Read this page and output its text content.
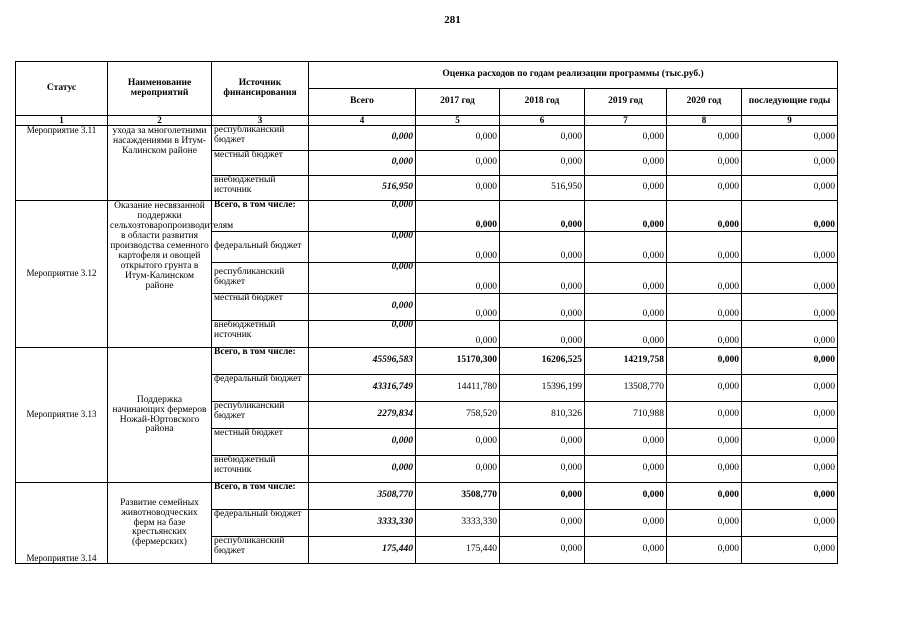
281
Статус	Наименование мероприятий	Источник финансирования	Оценка расходов по годам реализации программы (тыс.руб.)					
			Всего	2017 год	2018 год	2019 год	2020 год	последующие годы
1	2	3	4	5	6	7	8	9
Мероприятие 3.11	ухода за многолетними насаждениями в Итум-Калинском районе	республиканский бюджет	0,000	0,000	0,000	0,000	0,000	0,000
		местный бюджет	0,000	0,000	0,000	0,000	0,000	0,000
		внебюджетный источник	516,950	0,000	516,950	0,000	0,000	0,000
Мероприятие 3.12	Оказание несвязанной поддержки сельхозтоваропроизводителям в области развития производства семенного картофеля и овощей открытого грунта в Итум-Калинском районе	Всего, в том числе:	0,000	0,000	0,000	0,000	0,000	0,000
		федеральный бюджет	0,000	0,000	0,000	0,000	0,000	0,000
		республиканский бюджет	0,000	0,000	0,000	0,000	0,000	0,000
		местный бюджет	0,000	0,000	0,000	0,000	0,000	0,000
		внебюджетный источник	0,000	0,000	0,000	0,000	0,000	0,000
Мероприятие 3.13	Поддержка начинающих фермеров Ножай-Юртовского района	Всего, в том числе:	45596,583	15170,300	16206,525	14219,758	0,000	0,000
		федеральный бюджет	43316,749	14411,780	15396,199	13508,770	0,000	0,000
		республиканский бюджет	2279,834	758,520	810,326	710,988	0,000	0,000
		местный бюджет	0,000	0,000	0,000	0,000	0,000	0,000
		внебюджетный источник	0,000	0,000	0,000	0,000	0,000	0,000
Мероприятие 3.14	Развитие семейных животноводческих ферм на базе крестьянских (фермерских)	Всего, в том числе:	3508,770	3508,770	0,000	0,000	0,000	0,000
		федеральный бюджет	3333,330	3333,330	0,000	0,000	0,000	0,000
		республиканский бюджет	175,440	175,440	0,000	0,000	0,000	0,000
